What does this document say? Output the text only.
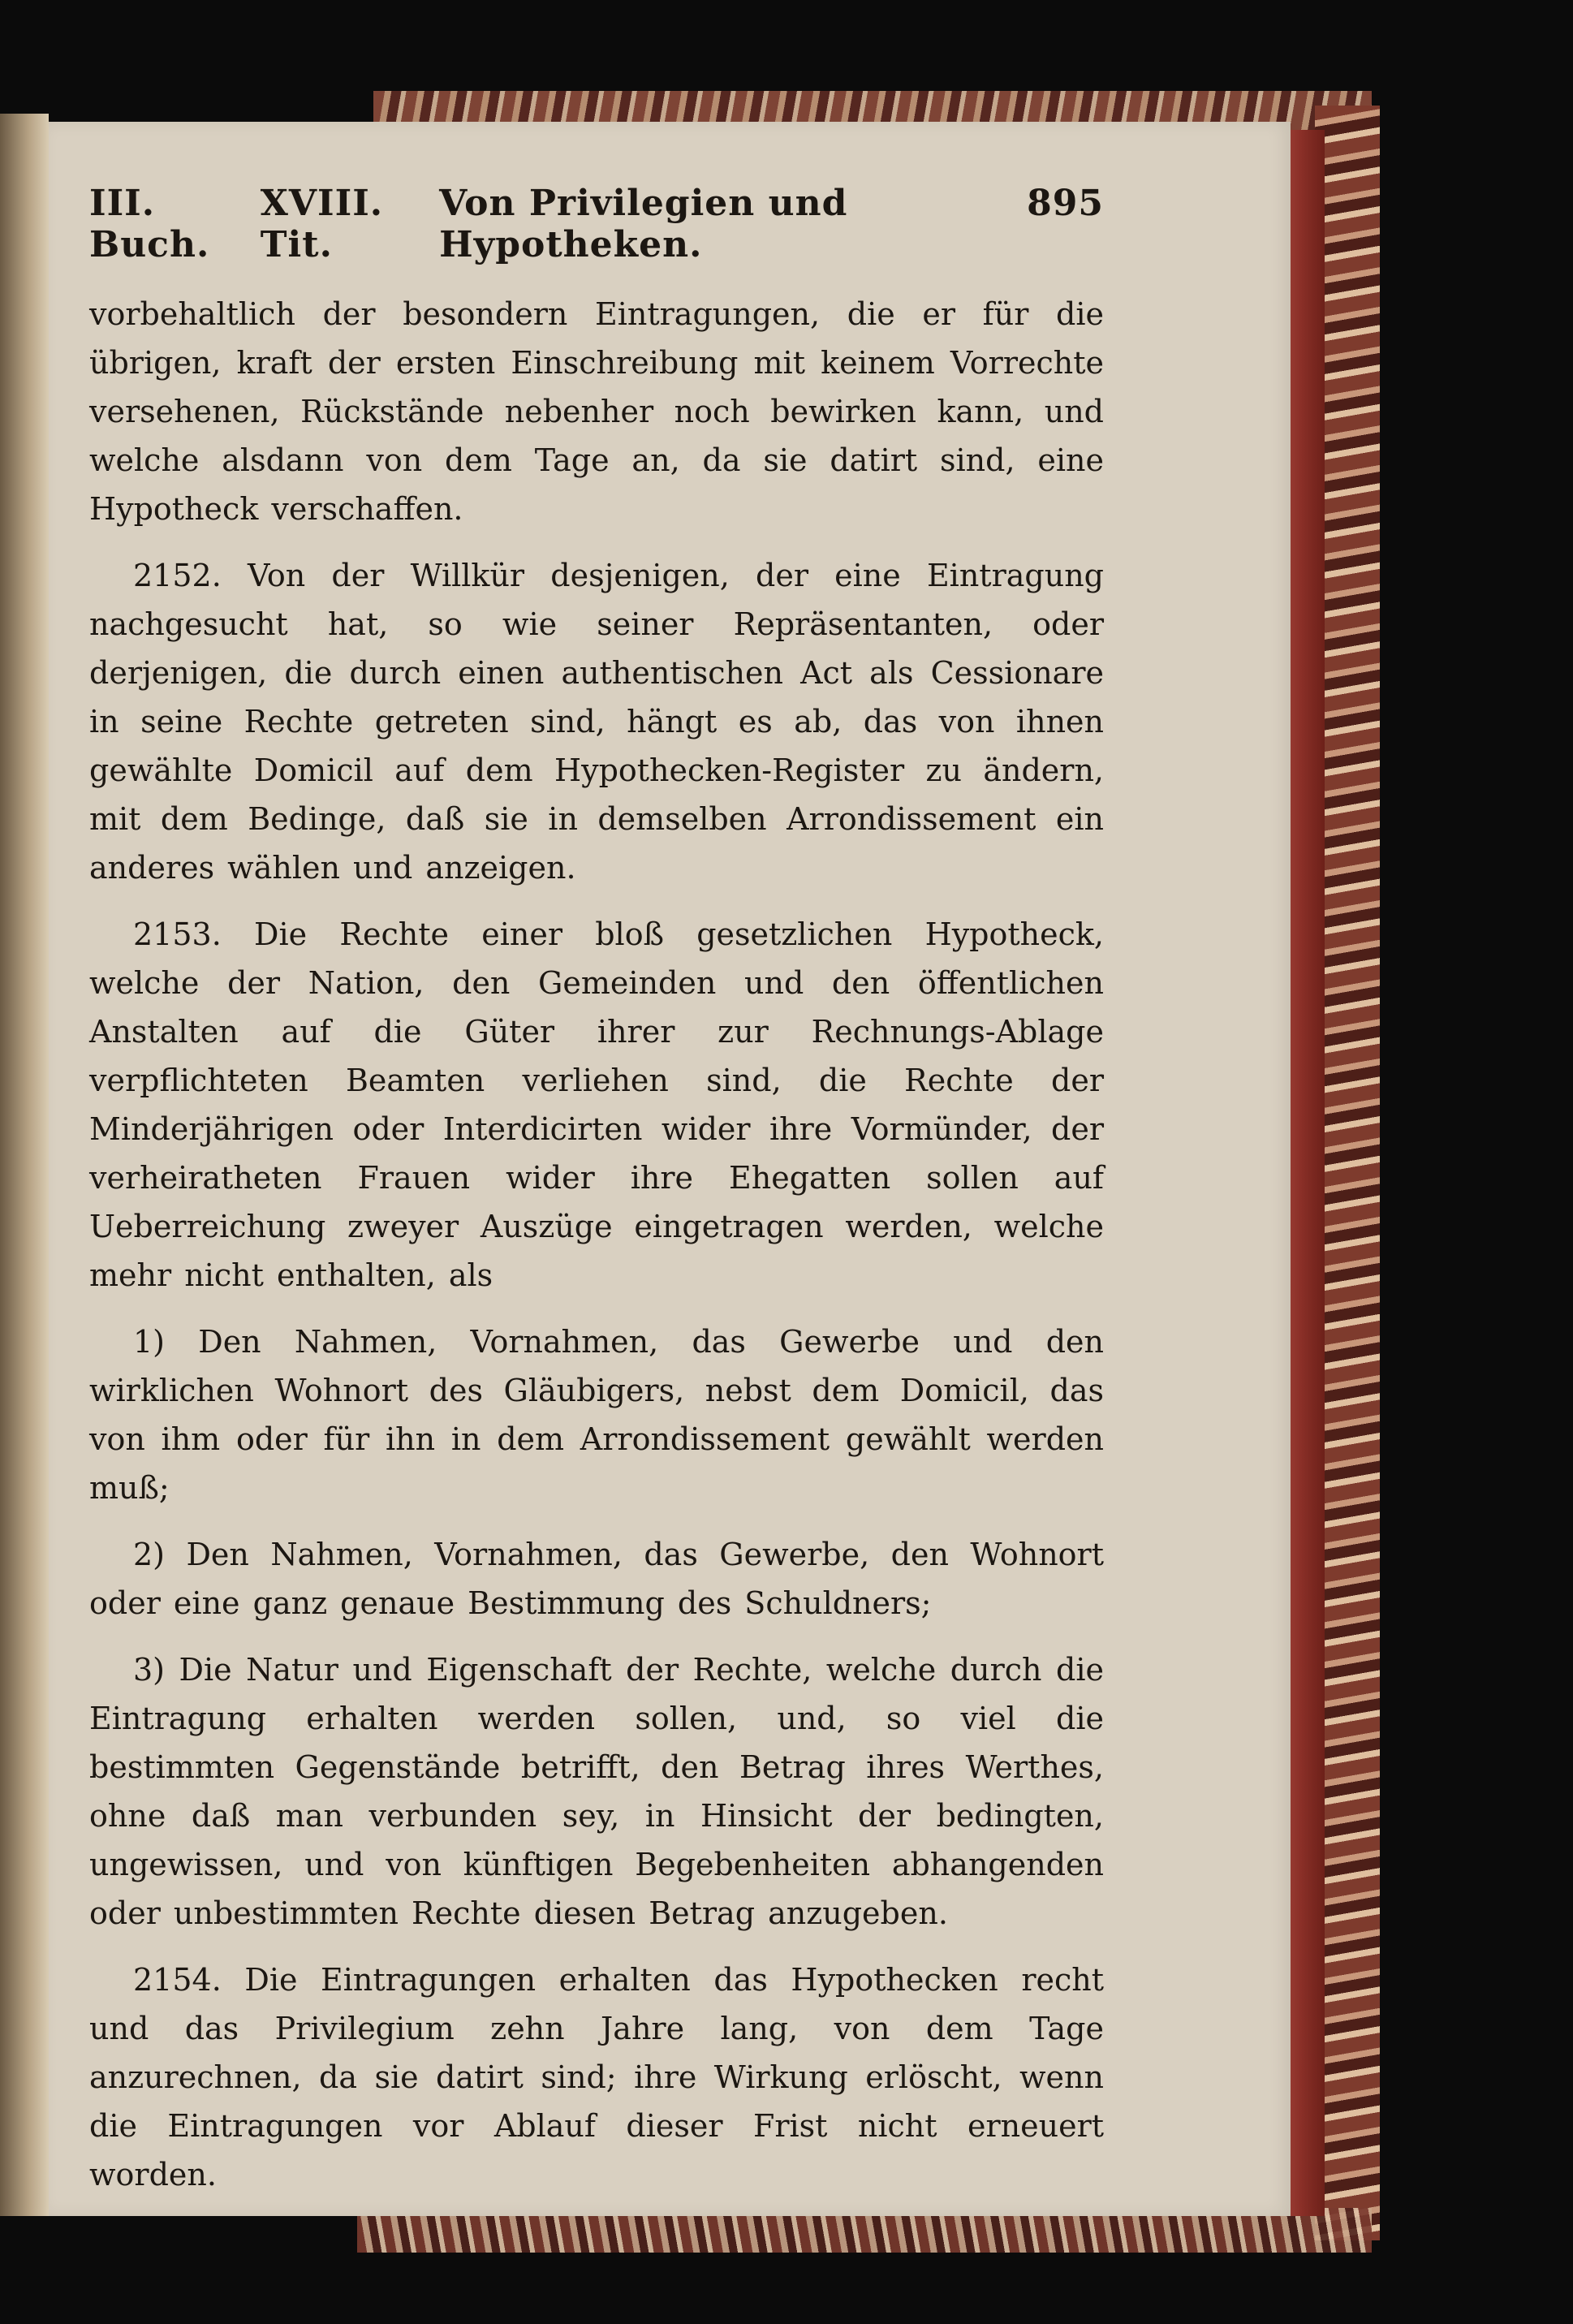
III. Buch.
XVIII. Tit.
Von Privilegien und Hypotheken.
895

vorbehaltlich der besondern Eintragungen, die er für die übrigen, kraft der ersten Einschreibung mit keinem Vorrechte versehenen, Rückstände nebenher noch bewirken kann, und welche alsdann von dem Tage an, da sie datirt sind, eine Hypotheck verschaffen.

2152. Von der Willkür desjenigen, der eine Eintragung nachgesucht hat, so wie seiner Repräsentanten, oder derjenigen, die durch einen authentischen Act als Cessionare in seine Rechte getreten sind, hängt es ab, das von ihnen gewählte Domicil auf dem Hypothecken-Register zu ändern, mit dem Bedinge, daß sie in demselben Arrondissement ein anderes wählen und anzeigen.

2153. Die Rechte einer bloß gesetzlichen Hypotheck, welche der Nation, den Gemeinden und den öffentlichen Anstalten auf die Güter ihrer zur Rechnungs-Ablage verpflichteten Beamten verliehen sind, die Rechte der Minderjährigen oder Interdicirten wider ihre Vormünder, der verheiratheten Frauen wider ihre Ehegatten sollen auf Ueberreichung zweyer Auszüge eingetragen werden, welche mehr nicht enthalten, als

1) Den Nahmen, Vornahmen, das Gewerbe und den wirklichen Wohnort des Gläubigers, nebst dem Domicil, das von ihm oder für ihn in dem Arrondissement gewählt werden muß;

2) Den Nahmen, Vornahmen, das Gewerbe, den Wohnort oder eine ganz genaue Bestimmung des Schuldners;

3) Die Natur und Eigenschaft der Rechte, welche durch die Eintragung erhalten werden sollen, und, so viel die bestimmten Gegenstände betrifft, den Betrag ihres Werthes, ohne daß man verbunden sey, in Hinsicht der bedingten, ungewissen, und von künftigen Begebenheiten abhangenden oder unbestimmten Rechte diesen Betrag anzugeben.

2154. Die Eintragungen erhalten das Hypothecken recht und das Privilegium zehn Jahre lang, von dem Tage anzurechnen, da sie datirt sind; ihre Wirkung erlöscht, wenn die Eintragungen vor Ablauf dieser Frist nicht erneuert worden.
